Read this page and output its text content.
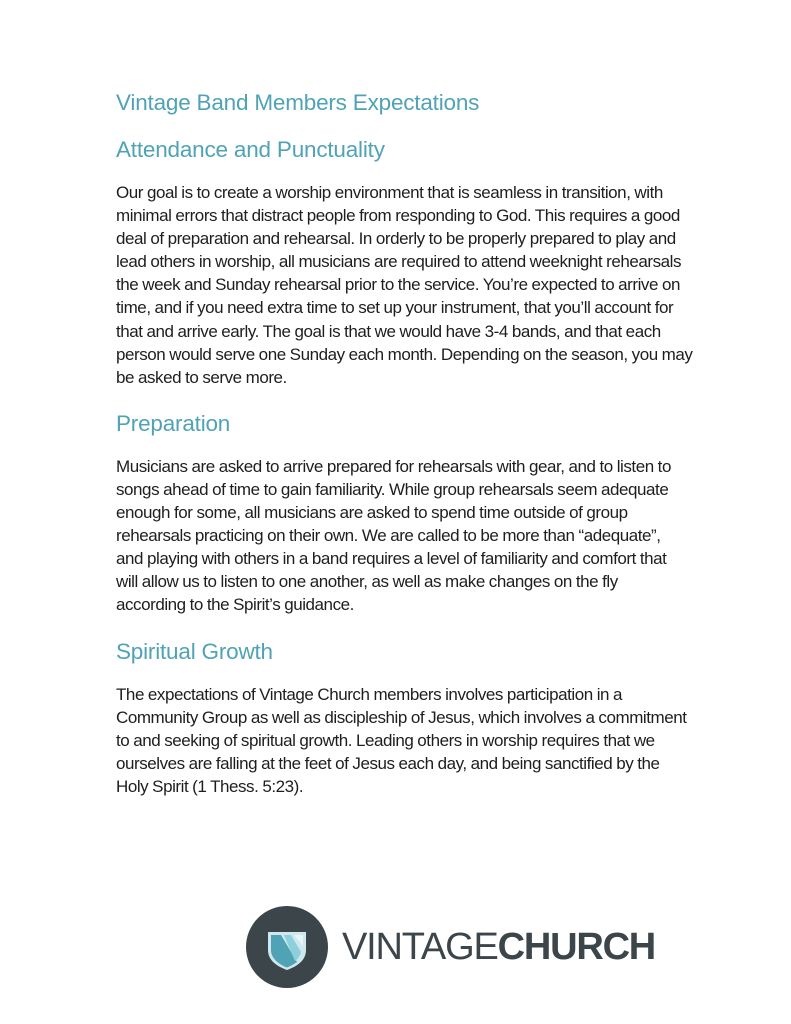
Vintage Band Members Expectations
Attendance and Punctuality

Our goal is to create a worship environment that is seamless in transition, with
minimal errors that distract people from responding to God. This requires a good
deal of preparation and rehearsal. In orderly to be properly prepared to play and
lead others in worship, all musicians are required to attend weeknight rehearsals
the week and Sunday rehearsal prior to the service. You’re expected to arrive on
time, and if you need extra time to set up your instrument, that you’ll account for
that and arrive early. The goal is that we would have 3-4 bands, and that each
person would serve one Sunday each month. Depending on the season, you may
be asked to serve more.

Preparation

Musicians are asked to arrive prepared for rehearsals with gear, and to listen to
songs ahead of time to gain familiarity. While group rehearsals seem adequate
enough for some, all musicians are asked to spend time outside of group
rehearsals practicing on their own. We are called to be more than “adequate”,
and playing with others in a band requires a level of familiarity and comfort that
will allow us to listen to one another, as well as make changes on the fly
according to the Spirit’s guidance.

Spiritual Growth

The expectations of Vintage Church members involves participation in a
Community Group as well as discipleship of Jesus, which involves a commitment
to and seeking of spiritual growth. Leading others in worship requires that we
ourselves are falling at the feet of Jesus each day, and being sanctified by the
Holy Spirit (1 Thess. 5:23).

VINTAGECHURCH
